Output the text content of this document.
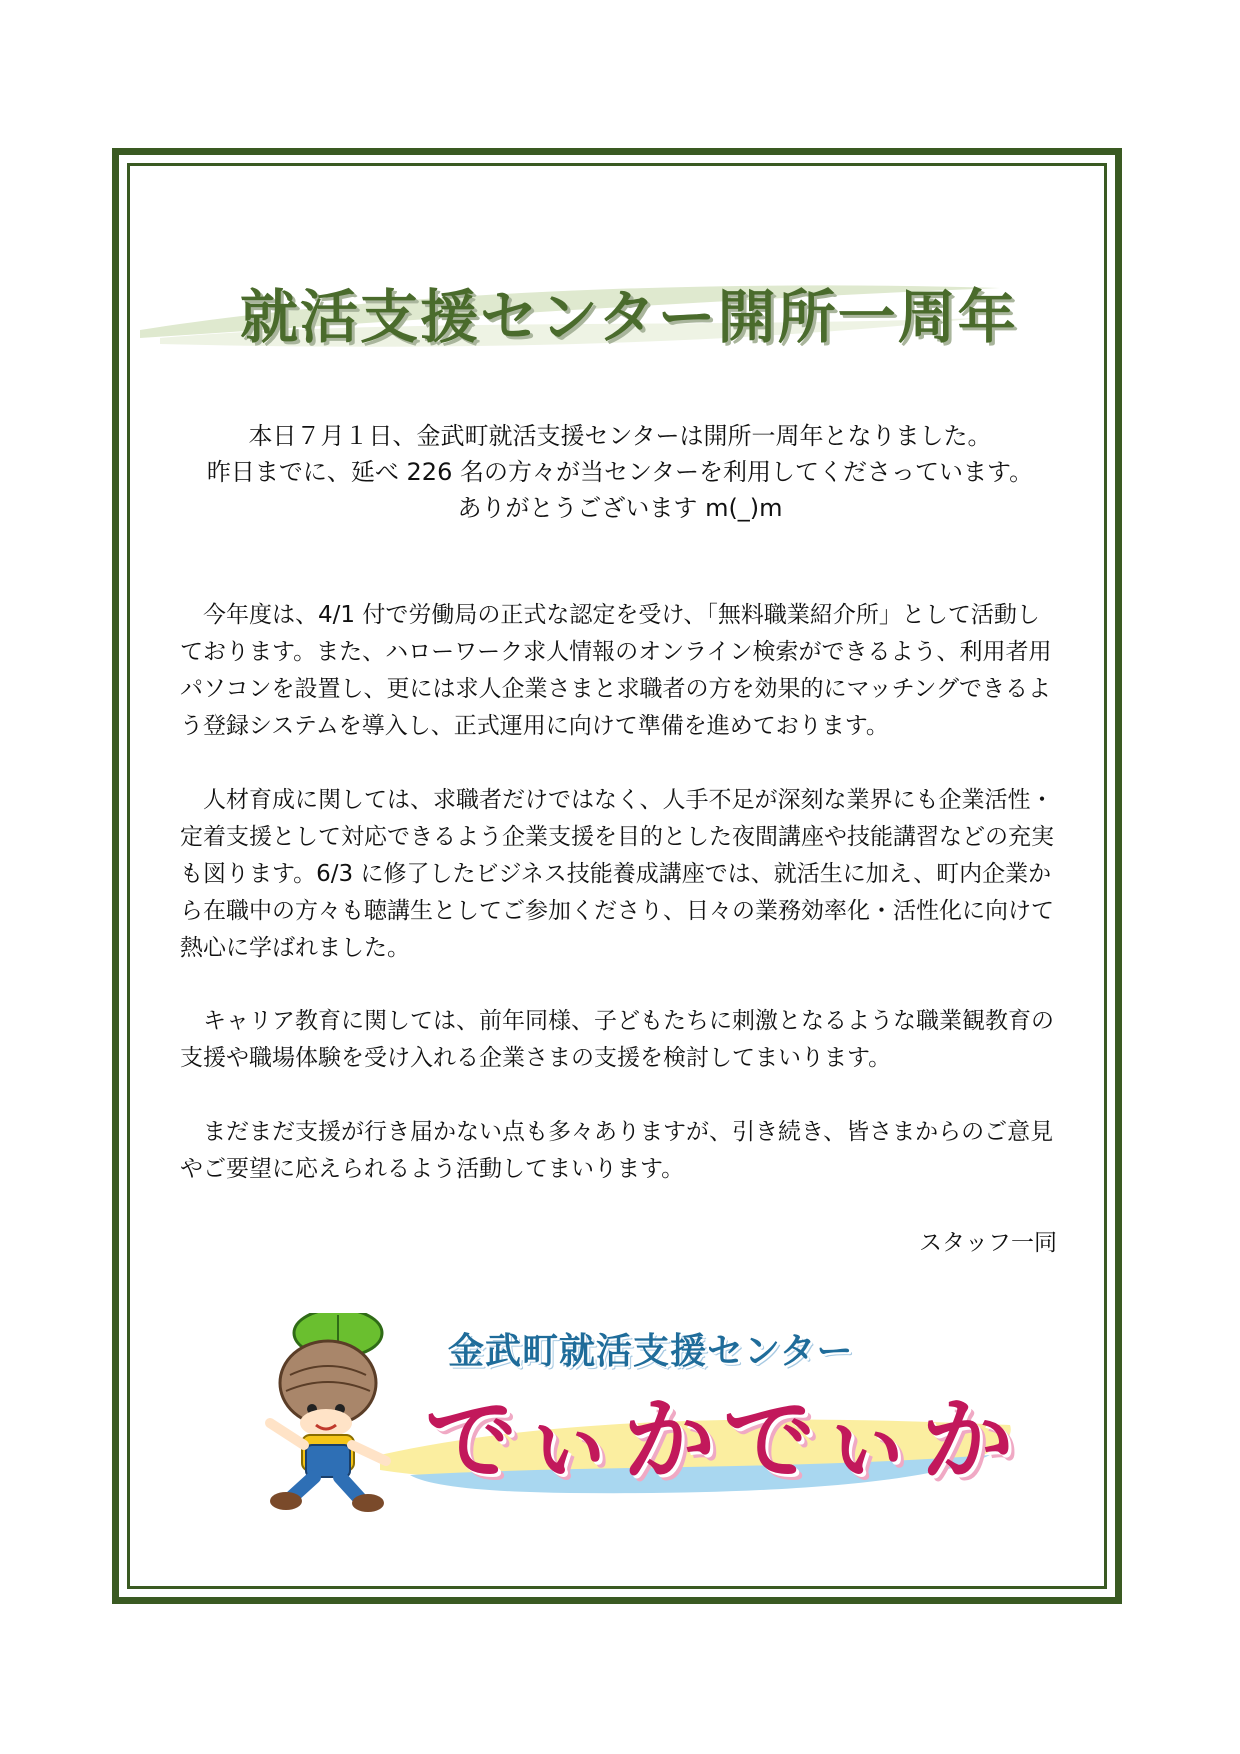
就活支援センター開所一周年
本日７月１日、金武町就活支援センターは開所一周年となりました。
昨日までに、延べ 226 名の方々が当センターを利用してくださっています。
ありがとうございます m(_)m
今年度は、4/1 付で労働局の正式な認定を受け、「無料職業紹介所」として活動しております。また、ハローワーク求人情報のオンライン検索ができるよう、利用者用パソコンを設置し、更には求人企業さまと求職者の方を効果的にマッチングできるよう登録システムを導入し、正式運用に向けて準備を進めております。
人材育成に関しては、求職者だけではなく、人手不足が深刻な業界にも企業活性・定着支援として対応できるよう企業支援を目的とした夜間講座や技能講習などの充実も図ります。6/3 に修了したビジネス技能養成講座では、就活生に加え、町内企業から在職中の方々も聴講生としてご参加くださり、日々の業務効率化・活性化に向けて熱心に学ばれました。
キャリア教育に関しては、前年同様、子どもたちに刺激となるような職業観教育の支援や職場体験を受け入れる企業さまの支援を検討してまいります。
まだまだ支援が行き届かない点も多々ありますが、引き続き、皆さまからのご意見やご要望に応えられるよう活動してまいります。
スタッフ一同
金武町就活支援センター
でぃかでぃか
